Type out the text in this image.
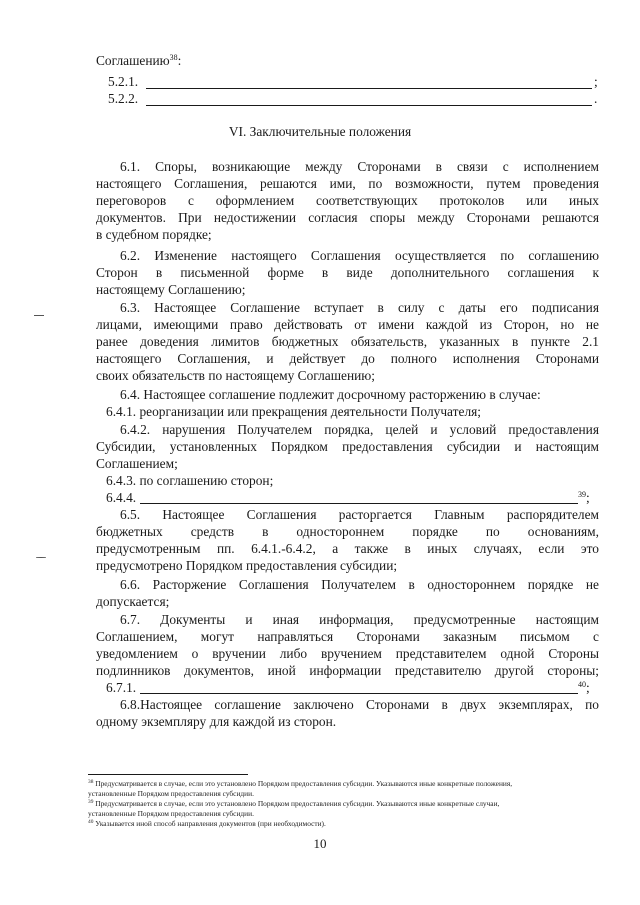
Соглашению$^{38}$:
5.2.1.	;
5.2.2.	.
VI. Заключительные положения
6.1. Споры, возникающие между Сторонами в связи с исполнением
настоящего Соглашения, решаются ими, по возможности, путем проведения
переговоров с оформлением соответствующих протоколов или иных
документов. При недостижении согласия споры между Сторонами решаются
в судебном порядке;
6.2. Изменение настоящего Соглашения осуществляется по соглашению
Сторон в письменной форме в виде дополнительного соглашения к
настоящему Соглашению;
6.3. Настоящее Соглашение вступает в силу с даты его подписания
лицами, имеющими право действовать от имени каждой из Сторон, но не
ранее доведения лимитов бюджетных обязательств, указанных в пункте 2.1
настоящего Соглашения, и действует до полного исполнения Сторонами
своих обязательств по настоящему Соглашению;
6.4. Настоящее соглашение подлежит досрочному расторжению в случае:
6.4.1. реорганизации или прекращения деятельности Получателя;
6.4.2. нарушения Получателем порядка, целей и условий предоставления
Субсидии, установленных Порядком предоставления субсидии и настоящим
Соглашением;
6.4.3. по соглашению сторон;
6.4.4.	$^{39}$;
6.5. Настоящее Соглашения расторгается Главным распорядителем
бюджетных средств в одностороннем порядке по основаниям,
предусмотренным пп. 6.4.1.-6.4.2, а также в иных случаях, если это
предусмотрено Порядком предоставления субсидии;
6.6. Расторжение Соглашения Получателем в одностороннем порядке не
допускается;
6.7. Документы и иная информация, предусмотренные настоящим
Соглашением, могут направляться Сторонами заказным письмом с
уведомлением о вручении либо вручением представителем одной Стороны
подлинников документов, иной информации представителю другой стороны;
6.7.1.	$^{40}$;
6.8.Настоящее соглашение заключено Сторонами в двух экземплярах, по
одному экземпляру для каждой из сторон.
$^{38}$ Предусматривается в случае, если это установлено Порядком предоставления субсидии. Указываются иные конкретные положения,
установленные Порядком предоставления субсидии.
$^{39}$ Предусматривается в случае, если это установлено Порядком предоставления субсидии. Указываются иные конкретные случаи,
установленные Порядком предоставления субсидии.
$^{40}$ Указывается иной способ направления документов (при необходимости).
10
